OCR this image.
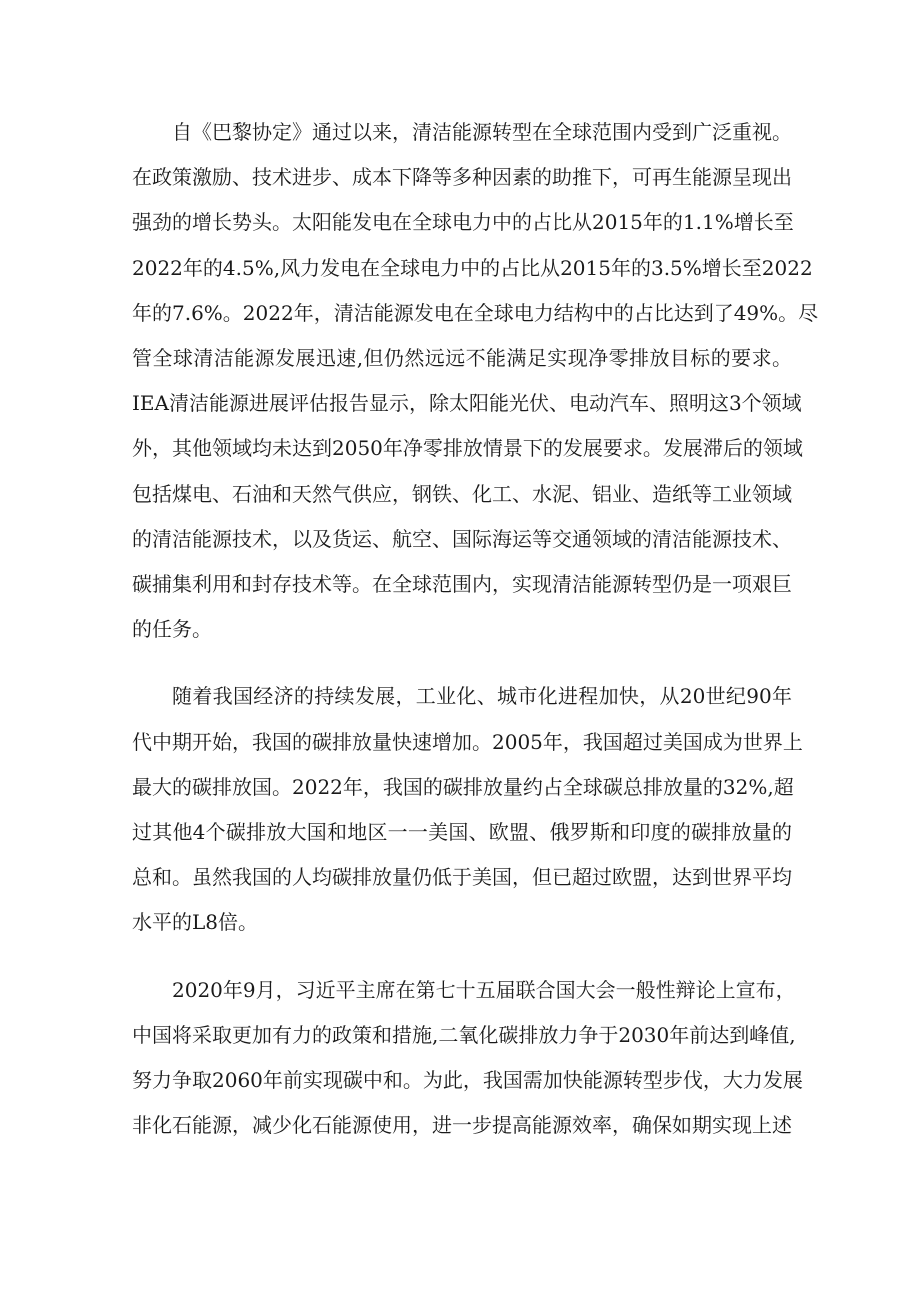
自《巴黎协定》通过以来，清洁能源转型在全球范围内受到广泛重视。
在政策激励、技术进步、成本下降等多种因素的助推下，可再生能源呈现出
强劲的增长势头。太阳能发电在全球电力中的占比从2015年的1.1%增长至
2022年的4.5%,风力发电在全球电力中的占比从2015年的3.5%增长至2022
年的7.6%。2022年，清洁能源发电在全球电力结构中的占比达到了49%。尽
管全球清洁能源发展迅速,但仍然远远不能满足实现净零排放目标的要求。
IEA清洁能源进展评估报告显示，除太阳能光伏、电动汽车、照明这3个领域
外，其他领域均未达到2050年净零排放情景下的发展要求。发展滞后的领域
包括煤电、石油和天然气供应，钢铁、化工、水泥、铝业、造纸等工业领域
的清洁能源技术，以及货运、航空、国际海运等交通领域的清洁能源技术、
碳捕集利用和封存技术等。在全球范围内，实现清洁能源转型仍是一项艰巨
的任务。

随着我国经济的持续发展，工业化、城市化进程加快，从20世纪90年
代中期开始，我国的碳排放量快速增加。2005年，我国超过美国成为世界上
最大的碳排放国。2022年，我国的碳排放量约占全球碳总排放量的32%,超
过其他4个碳排放大国和地区一一美国、欧盟、俄罗斯和印度的碳排放量的
总和。虽然我国的人均碳排放量仍低于美国，但已超过欧盟，达到世界平均
水平的L8倍。

2020年9月，习近平主席在第七十五届联合国大会一般性辩论上宣布，
中国将采取更加有力的政策和措施,二氧化碳排放力争于2030年前达到峰值,
努力争取2060年前实现碳中和。为此，我国需加快能源转型步伐，大力发展
非化石能源，减少化石能源使用，进一步提高能源效率，确保如期实现上述
